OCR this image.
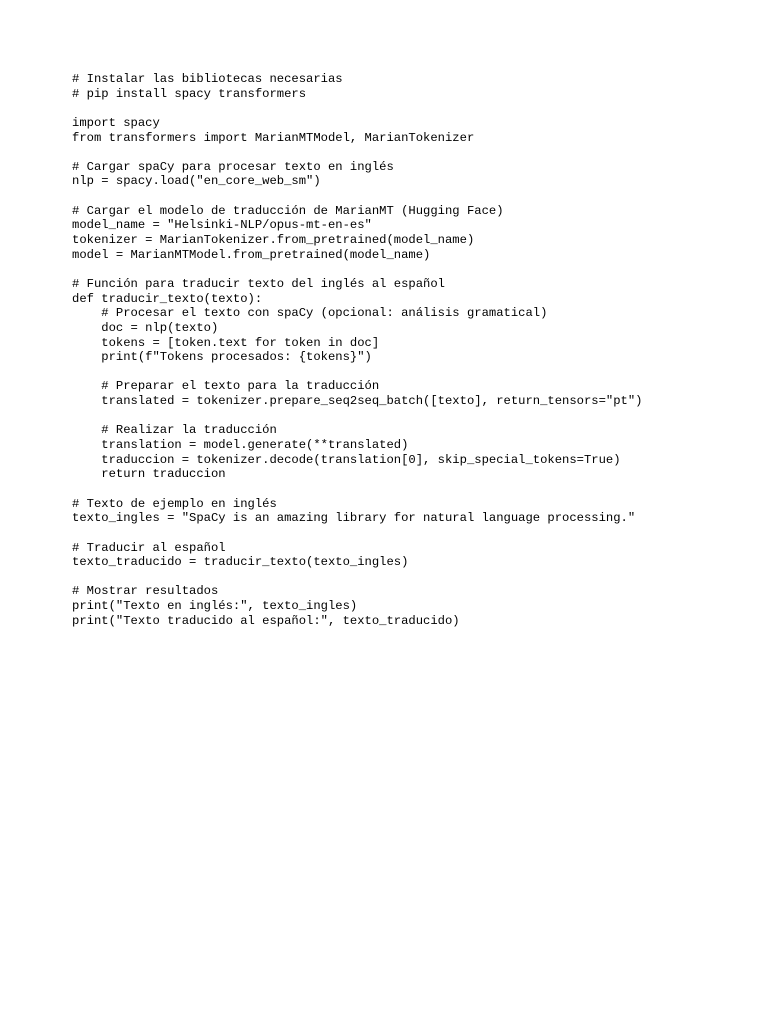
# Instalar las bibliotecas necesarias
# pip install spacy transformers
import spacy
from transformers import MarianMTModel, MarianTokenizer
# Cargar spaCy para procesar texto en inglés
nlp = spacy.load("en_core_web_sm")
# Cargar el modelo de traducción de MarianMT (Hugging Face)
model_name = "Helsinki-NLP/opus-mt-en-es"
tokenizer = MarianTokenizer.from_pretrained(model_name)
model = MarianMTModel.from_pretrained(model_name)
# Función para traducir texto del inglés al español
def traducir_texto(texto):
# Procesar el texto con spaCy (opcional: análisis gramatical)
doc = nlp(texto)
tokens = [token.text for token in doc]
print(f"Tokens procesados: {tokens}")
# Preparar el texto para la traducción
translated = tokenizer.prepare_seq2seq_batch([texto], return_tensors="pt")
# Realizar la traducción
translation = model.generate(**translated)
traduccion = tokenizer.decode(translation[0], skip_special_tokens=True)
return traduccion
# Texto de ejemplo en inglés
texto_ingles = "SpaCy is an amazing library for natural language processing."
# Traducir al español
texto_traducido = traducir_texto(texto_ingles)
# Mostrar resultados
print("Texto en inglés:", texto_ingles)
print("Texto traducido al español:", texto_traducido)
